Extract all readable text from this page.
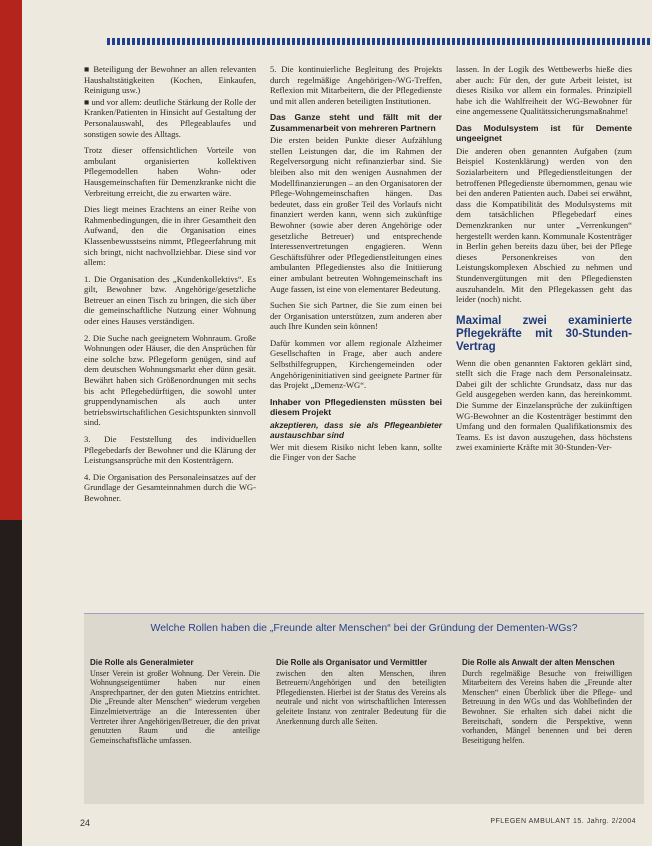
■ Beteiligung der Bewohner an allen relevanten Haushaltstätigkeiten (Kochen, Einkaufen, Reinigung usw.)

■ und vor allem: deutliche Stärkung der Rolle der Kranken/Patienten in Hinsicht auf Gestaltung der Personalauswahl, des Pflegeablaufes und sonstigen sowie des Alltags.

Trotz dieser offensichtlichen Vorteile von ambulant organisierten kollektiven Pflegemodellen haben Wohn- oder Hausgemeinschaften für Demenzkranke nicht die Verbreitung erreicht, die zu erwarten wäre.

Dies liegt meines Erachtens an einer Reihe von Rahmenbedingungen, die in ihrer Gesamtheit den Aufwand, den die Organisation eines Klassenbewusstseins nimmt, Pflegeerfahrung mit sich bringt, nicht nachvollziehbar. Diese sind vor allem:

1. Die Organisation des „Kundenkollektivs“. Es gilt, Bewohner bzw. Angehörige/gesetzliche Betreuer an einen Tisch zu bringen, die sich über die gemeinschaftliche Nutzung einer Wohnung oder eines Hauses verständigen.

2. Die Suche nach geeignetem Wohnraum. Große Wohnungen oder Häuser, die den Ansprüchen für eine solche bzw. Pflegeform genügen, sind auf dem deutschen Wohnungsmarkt eher dünn gesät. Bewährt haben sich Größenordnungen mit sechs bis acht Pflegebedürftigen, die sowohl unter gruppendynamischen als auch unter betriebswirtschaftlichen Gesichtspunkten sinnvoll sind.

3. Die Feststellung des individuellen Pflegebedarfs der Bewohner und die Klärung der Leistungsansprüche mit den Kostenträgern.

4. Die Organisation des Personaleinsatzes auf der Grundlage der Gesamteinnahmen durch die WG-Bewohner.

5. Die kontinuierliche Begleitung des Projekts durch regelmäßige Angehörigen-/WG-Treffen, Reflexion mit Mitarbeitern, die der Pflegedienste und mit allen anderen beteiligten Institutionen.

Das Ganze steht und fällt mit der Zusammenarbeit von mehreren Partnern

Die ersten beiden Punkte dieser Aufzählung stellen Leistungen dar, die im Rahmen der Regelversorgung nicht refinanzierbar sind. Sie bleiben also mit den wenigen Ausnahmen der Modellfinanzierungen – an den Organisatoren der Pflege-Wohngemeinschaften hängen. Das bedeutet, dass ein großer Teil des Vorlaufs nicht finanziert werden kann, wenn sich zukünftige Bewohner (sowie aber deren Angehörige oder gesetzliche Betreuer) und entsprechende Interessenvertretungen engagieren. Wenn Geschäftsführer oder Pflegedienstleitungen eines ambulanten Pflegedienstes also die Initiierung einer ambulant betreuten Wohngemeinschaft ins Auge fassen, ist eine von elementarer Bedeutung.

Suchen Sie sich Partner, die Sie zum einen bei der Organisation unterstützen, zum anderen aber auch Ihre Kunden sein können!

Dafür kommen vor allem regionale Alzheimer Gesellschaften in Frage, aber auch andere Selbsthilfegruppen, Kirchengemeinden oder Angehörigeninitiativen sind geeignete Partner für das Projekt „Demenz-WG“.

Inhaber von Pflegediensten müssten bei diesem Projekt

akzeptieren, dass sie als Pflegeanbieter austauschbar sind

Wer mit diesem Risiko nicht leben kann, sollte die Finger von der Sache

lassen. In der Logik des Wettbewerbs hieße dies aber auch: Für den, der gute Arbeit leistet, ist dieses Risiko vor allem ein formales. Prinzipiell habe ich die Wahlfreiheit der WG-Bewohner für eine angemessene Qualitätssicherungsmaßnahme!

Das Modulsystem ist für Demente ungeeignet

Die anderen oben genannten Aufgaben (zum Beispiel Kostenklärung) werden von den Sozialarbeitern und Pflegedienstleitungen der betroffenen Pflegedienste übernommen, genau wie bei den anderen Patienten auch. Dabei sei erwähnt, dass die Kompatibilität des Modulsystems mit dem tatsächlichen Pflegebedarf eines Demenzkranken nur unter „Verrenkungen“ hergestellt werden kann. Kommunale Kostenträger in Berlin gehen bereits dazu über, bei der Pflege dieses Personenkreises von den Leistungskomplexen Abschied zu nehmen und Stundenvergütungen mit den Pflegediensten auszuhandeln. Mit den Pflegekassen geht das leider (noch) nicht.

Maximal zwei examinierte Pflegekräfte mit 30-Stunden-Vertrag

Wenn die oben genannten Faktoren geklärt sind, stellt sich die Frage nach dem Personaleinsatz. Dabei gilt der schlichte Grundsatz, dass nur das Geld ausgegeben werden kann, das hereinkommt. Die Summe der Einzelansprüche der zukünftigen WG-Bewohner an die Kostenträger bestimmt den Umfang und den formalen Qualifikationsmix des Teams. Es ist davon auszugehen, dass höchstens zwei examinierte Kräfte mit 30-Stunden-Ver-

Welche Rollen haben die „Freunde alter Menschen“ bei der Gründung der Dementen-WGs?
Die Rolle als Generalmieter
Unser Verein ist großer Wohnung. Der Verein. Die Wohnungseigentümer haben nur einen Ansprechpartner, der den guten Mietzins entrichtet. Die „Freunde alter Menschen“ wiederum vergeben Einzelmietverträge an die Interessenten über Vertreter ihrer Angehörigen/Betreuer, die den privat genutzten Raum und die anteilige Gemeinschaftsfläche umfassen.
Die Rolle als Organisator und Vermittler
zwischen den alten Menschen, ihren Betreuern/Angehörigen und den beteiligten Pflegediensten. Hierbei ist der Status des Vereins als neutrale und nicht von wirtschaftlichen Interessen geleitete Instanz von zentraler Bedeutung für die Anerkennung durch alle Seiten.
Die Rolle als Anwalt der alten Menschen
Durch regelmäßige Besuche von freiwilligen Mitarbeitern des Vereins haben die „Freunde alter Menschen“ einen Überblick über die Pflege- und Betreuung in den WGs und das Wohlbefinden der Bewohner. Sie erhalten sich dabei nicht die Bereitschaft, sondern die Perspektive, wenn vorhanden, Mängel benennen und bei deren Beseitigung helfen.
24	PFLEGEN AMBULANT 15. Jahrg. 2/2004
